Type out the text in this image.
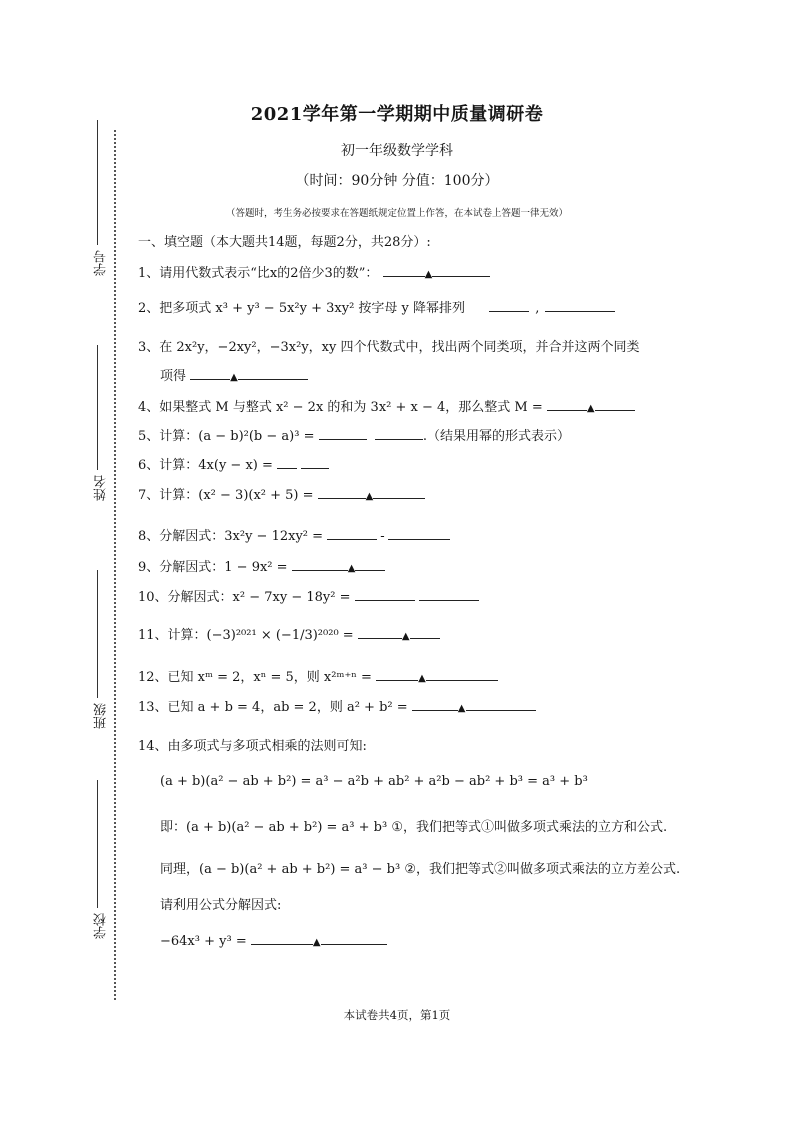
学号
姓名
班级
学校
2021学年第一学期期中质量调研卷
初一年级数学学科
（时间：90分钟 分值：100分）
（答题时，考生务必按要求在答题纸规定位置上作答，在本试卷上答题一律无效）
一、填空题（本大题共14题，每题2分，共28分）:
1、请用代数式表示“比x的2倍少3的数”：	▲
2、把多项式 x³ + y³ − 5x²y + 3xy² 按字母 y 降幂排列	,
3、在 2x²y，−2xy²，−3x²y，xy 四个代数式中，找出两个同类项，并合并这两个同类
项得	▲
4、如果整式 M 与整式 x² − 2x 的和为 3x² + x − 4，那么整式 M =	▲
5、计算：(a − b)²(b − a)³ =	.（结果用幂的形式表示）
6、计算：4x(y − x) =
7、计算：(x² − 3)(x² + 5) =	▲
8、分解因式：3x²y − 12xy² =	-
9、分解因式：1 − 9x² =	▲
10、分解因式：x² − 7xy − 18y² =
11、计算：(−3)²⁰²¹ × (−1/3)²⁰²⁰ =	▲
12、已知 xᵐ = 2，xⁿ = 5，则 x²ᵐ⁺ⁿ =	▲
13、已知 a + b = 4，ab = 2，则 a² + b² =	▲
14、由多项式与多项式相乘的法则可知:
(a + b)(a² − ab + b²) = a³ − a²b + ab² + a²b − ab² + b³ = a³ + b³
即：(a + b)(a² − ab + b²) = a³ + b³ ①，我们把等式①叫做多项式乘法的立方和公式.
同理，(a − b)(a² + ab + b²) = a³ − b³ ②，我们把等式②叫做多项式乘法的立方差公式.
请利用公式分解因式:
−64x³ + y³ =	▲
本试卷共4页，第1页
